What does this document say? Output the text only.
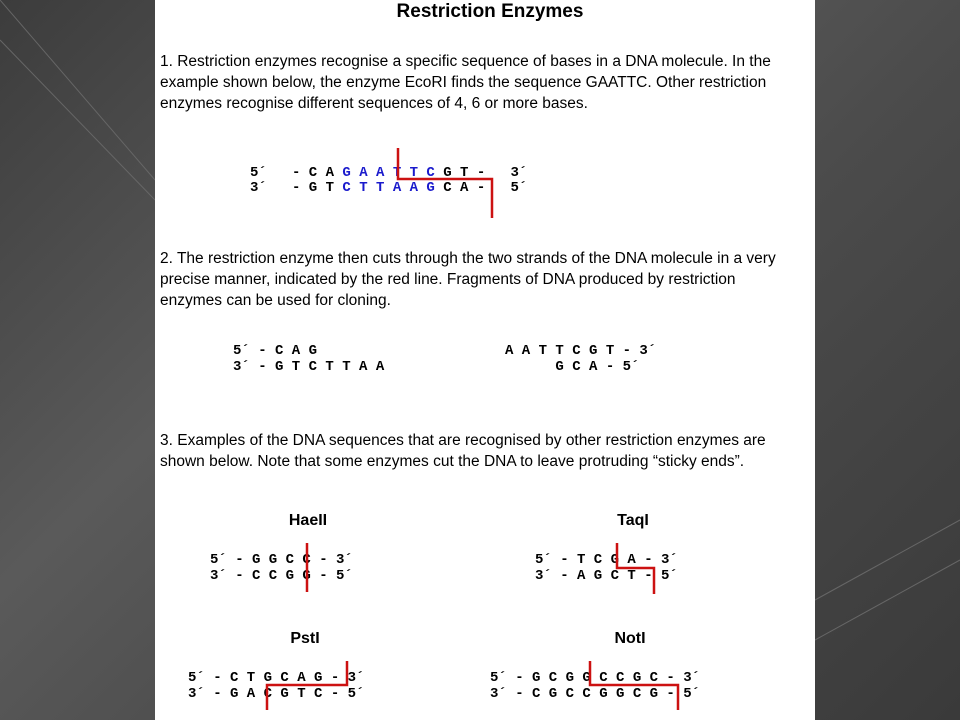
Restriction Enzymes
1. Restriction enzymes recognise a specific sequence of bases in a DNA molecule. In the example shown below, the enzyme EcoRI finds the sequence GAATTC. Other restriction enzymes recognise different sequences of 4, 6 or more bases.
5´   - C A G A A T T C G T -   3´
3´   - G T C T T A A G C A -   5´
2. The restriction enzyme then cuts through the two strands of the DNA molecule in a very precise manner, indicated by the red line. Fragments of DNA produced by restriction enzymes can be used for cloning.
5´ - C A G
3´ - G T C T T A A
A A T T C G T - 3´
G C A - 5´
3. Examples of the DNA sequences that are recognised by other restriction enzymes are shown below. Note that some enzymes cut the DNA to leave protruding “sticky ends”.
HaeII
5´ - G G C C - 3´
3´ - C C G G - 5´
TaqI
5´ - T C G A - 3´
3´ - A G C T - 5´
PstI
5´ - C T G C A G - 3´
3´ - G A C G T C - 5´
NotI
5´ - G C G G C C G C - 3´
3´ - C G C C G G C G - 5´
